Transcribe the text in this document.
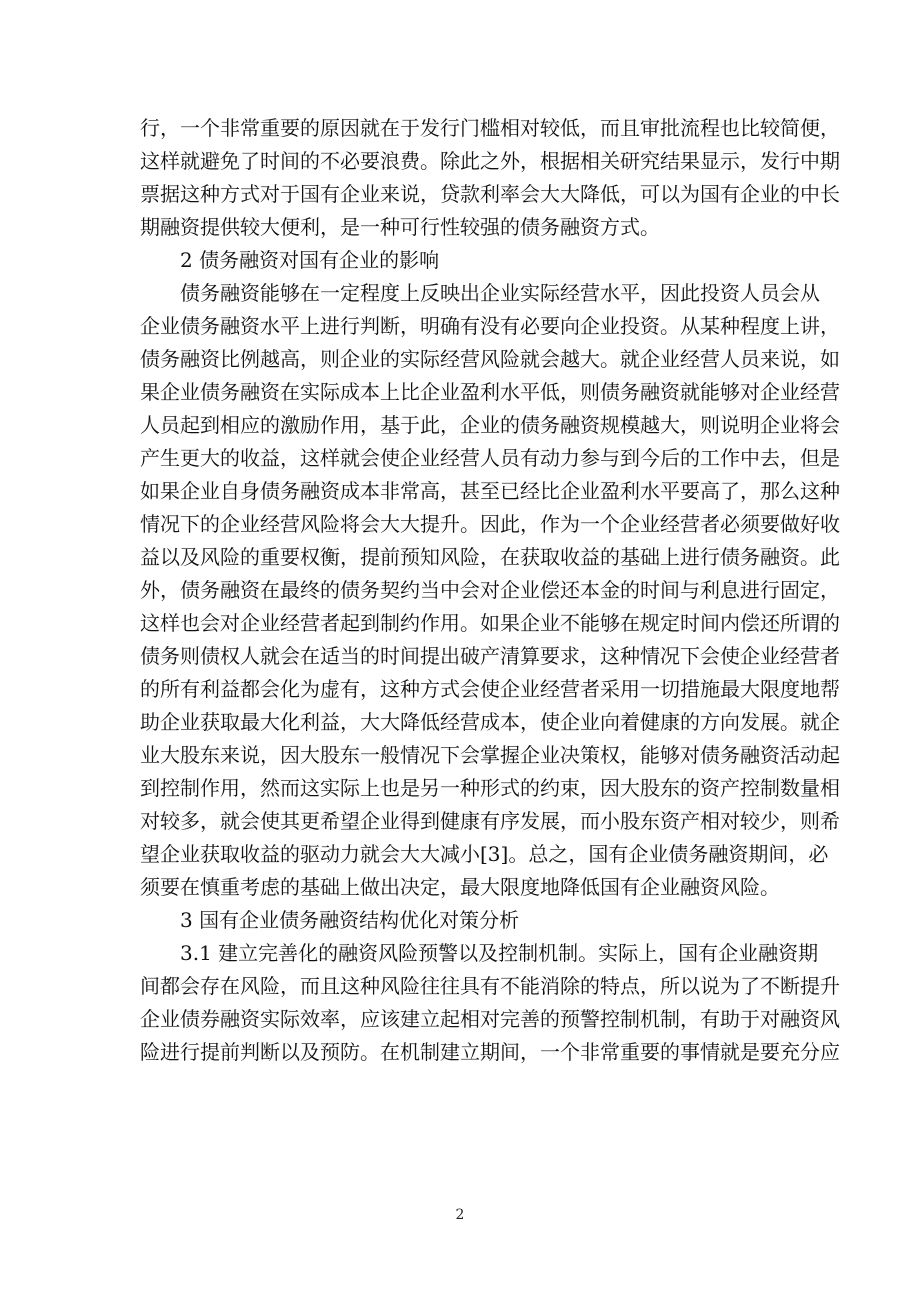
行，一个非常重要的原因就在于发行门槛相对较低，而且审批流程也比较简便，
这样就避免了时间的不必要浪费。除此之外，根据相关研究结果显示，发行中期
票据这种方式对于国有企业来说，贷款利率会大大降低，可以为国有企业的中长
期融资提供较大便利，是一种可行性较强的债务融资方式。
2 债务融资对国有企业的影响
债务融资能够在一定程度上反映出企业实际经营水平，因此投资人员会从
企业债务融资水平上进行判断，明确有没有必要向企业投资。从某种程度上讲，
债务融资比例越高，则企业的实际经营风险就会越大。就企业经营人员来说，如
果企业债务融资在实际成本上比企业盈利水平低，则债务融资就能够对企业经营
人员起到相应的激励作用，基于此，企业的债务融资规模越大，则说明企业将会
产生更大的收益，这样就会使企业经营人员有动力参与到今后的工作中去，但是
如果企业自身债务融资成本非常高，甚至已经比企业盈利水平要高了，那么这种
情况下的企业经营风险将会大大提升。因此，作为一个企业经营者必须要做好收
益以及风险的重要权衡，提前预知风险，在获取收益的基础上进行债务融资。此
外，债务融资在最终的债务契约当中会对企业偿还本金的时间与利息进行固定，
这样也会对企业经营者起到制约作用。如果企业不能够在规定时间内偿还所谓的
债务则债权人就会在适当的时间提出破产清算要求，这种情况下会使企业经营者
的所有利益都会化为虚有，这种方式会使企业经营者采用一切措施最大限度地帮
助企业获取最大化利益，大大降低经营成本，使企业向着健康的方向发展。就企
业大股东来说，因大股东一般情况下会掌握企业决策权，能够对债务融资活动起
到控制作用，然而这实际上也是另一种形式的约束，因大股东的资产控制数量相
对较多，就会使其更希望企业得到健康有序发展，而小股东资产相对较少，则希
望企业获取收益的驱动力就会大大减小[3]。总之，国有企业债务融资期间，必
须要在慎重考虑的基础上做出决定，最大限度地降低国有企业融资风险。
3 国有企业债务融资结构优化对策分析
3.1 建立完善化的融资风险预警以及控制机制。实际上，国有企业融资期
间都会存在风险，而且这种风险往往具有不能消除的特点，所以说为了不断提升
企业债券融资实际效率，应该建立起相对完善的预警控制机制，有助于对融资风
险进行提前判断以及预防。在机制建立期间，一个非常重要的事情就是要充分应
2
